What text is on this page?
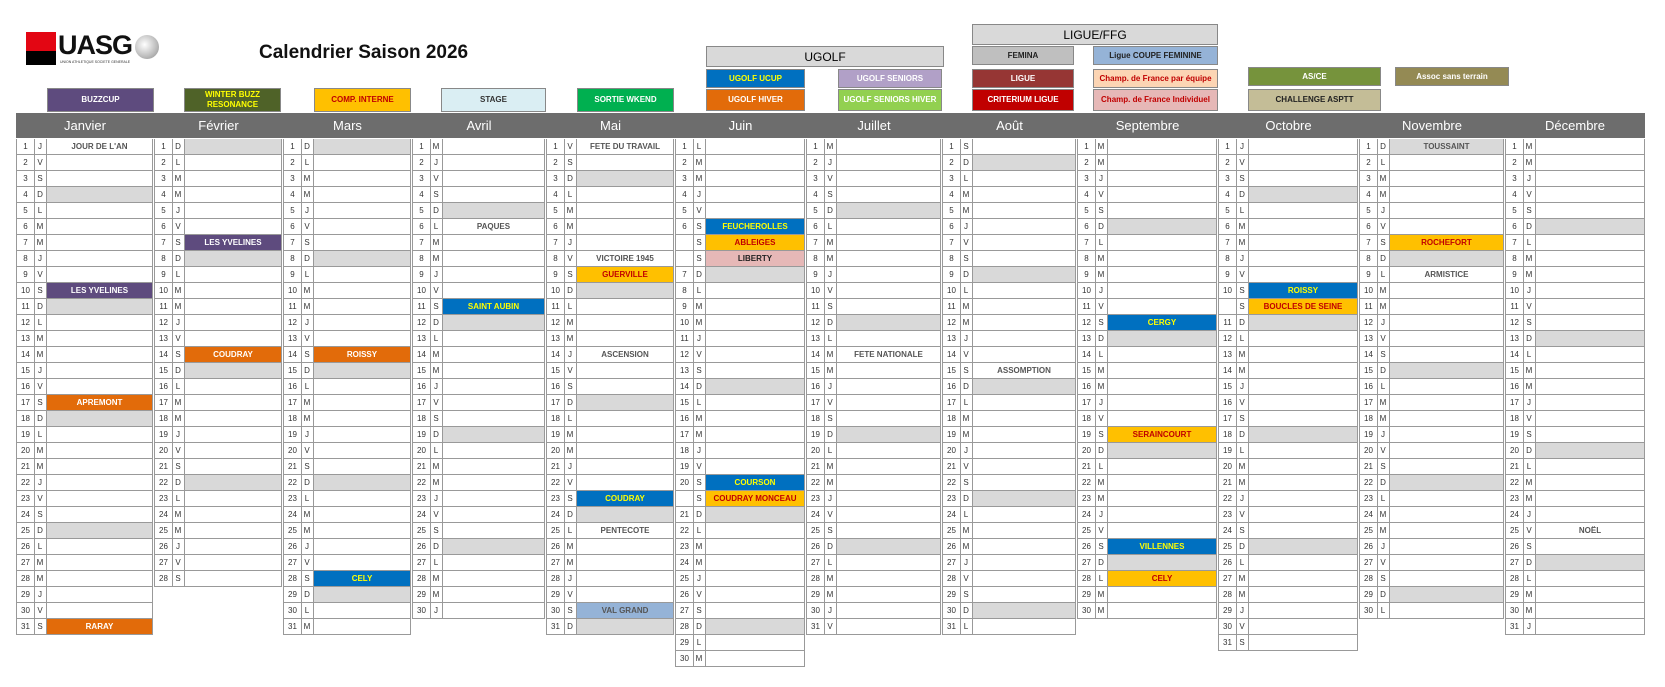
UASG
UNION ATHLETIQUE SOCIETE GENERALE	Calendrier Saison 2026	UGOLF
LIGUE/FFG
BUZZCUP
WINTER BUZZ RESONANCE
COMP. INTERNE	STAGE	SORTIE WKEND
UGOLF UCUP
UGOLF HIVER
UGOLF SENIORS
UGOLF SENIORS HIVER
FEMINA
LIGUE
CRITERIUM LIGUE
Ligue COUPE FEMININE
Champ. de France par équipe
Champ. de France Individuel
AS/CE
CHALLENGE ASPTT
Assoc sans terrain
Janvier
1	J	JOUR DE L'AN
2	V
3	S
4	D
5	L
6	M
7	M
8	J
9	V
10 S	LES YVELINES
11 D
12 L
13 M
14 M
15	J
16 V
17 S	APREMONT
18 D
19 L
20 M
21 M
22	J
23 V
24 S
25 D
26 L
27 M
28 M
29	J
30 V
31 S	RARAY
Février
1	D
2	L
3	M
4	M
5	J
6	V
7	S	LES YVELINES
8	D
9	L
10 M
11 M
12	J
13 V
14 S	COUDRAY
15 D
16 L
17 M
18 M
19	J
20 V
21 S
22 D
23 L
24 M
25 M
26	J
27 V
28 S
Mars
1	D
2	L
3	M
4	M
5	J
6	V
7	S
8	D
9	L
10 M
11 M
12	J
13 V
14 S	ROISSY
15 D
16 L
17 M
18 M
19	J
20 V
21 S
22 D
23 L
24 M
25 M
26	J
27 V
28 S	CELY
29 D
30 L
31 M
Avril
1	M
2	J
3	V
4	S
5	D
6	L	PAQUES
7	M
8	M
9	J
10 V
11 S	SAINT AUBIN
12 D
13 L
14 M
15 M
16	J
17 V
18 S
19 D
20 L
21 M
22 M
23	J
24 V
25 S
26 D
27 L
28 M
29 M
30	J
Mai
1	V	FETE DU TRAVAIL
2	S
3	D
4	L
5	M
6	M
7	J
8	V	VICTOIRE 1945
9	S	GUERVILLE
10 D
11	L
12 M
13 M
14	J	ASCENSION
15 V
16 S
17 D
18 L
19 M
20 M
21	J
22 V
23 S	COUDRAY
24 D
25 L	PENTECOTE
26 M
27 M
28	J
29 V
30 S	VAL GRAND
31 D
Juin
1	L
2	M
3	M
4	J
5	V
6	S	FEUCHEROLLES
S	ABLEIGES
S	LIBERTY
7	D
8	L
9	M
10 M
11	J
12 V
13 S
14 D
15 L
16 M
17 M
18	J
19 V
20 S	COURSON
S	COUDRAY MONCEAU
21 D
22 L
23 M
24 M
25	J
26 V
27 S
28 D
29 L
30 M
Juillet
1	M
2	J
3	V
4	S
5	D
6	L
7	M
8	M
9	J
10 V
11 S
12 D
13 L
14 M	FETE NATIONALE
15 M
16	J
17 V
18 S
19 D
20 L
21 M
22 M
23	J
24 V
25 S
26 D
27 L
28 M
29 M
30	J
31 V
Août
1	S
2	D
3	L
4	M
5	M
6	J
7	V
8	S
9	D
10 L
11 M
12 M
13	J
14 V
15 S	ASSOMPTION
16 D
17 L
18 M
19 M
20	J
21 V
22 S
23 D
24 L
25 M
26 M
27	J
28 V
29 S
30 D
31 L
Septembre
1	M
2	M
3	J
4	V
5	S
6	D
7	L
8	M
9	M
10	J
11 V
12 S	CERGY
13 D
14 L
15 M
16 M
17	J
18 V
19 S	SERAINCOURT
20 D
21 L
22 M
23 M
24	J
25 V
26 S	VILLENNES
27 D
28 L	CELY
29 M
30 M
Octobre
1	J
2	V
3	S
4	D
5	L
6	M
7	M
8	J
9	V
10 S	ROISSY
S	BOUCLES DE SEINE
11 D
12 L
13 M
14 M
15	J
16 V
17 S
18 D
19 L
20 M
21 M
22	J
23 V
24 S
25 D
26 L
27 M
28 M
29	J
30 V
31 S
Novembre
1	D	TOUSSAINT
2	L
3	M
4	M
5	J
6	V
7	S	ROCHEFORT
8	D
9	L	ARMISTICE
10 M
11 M
12	J
13 V
14 S
15 D
16 L
17 M
18 M
19	J
20 V
21 S
22 D
23 L
24 M
25 M
26	J
27 V
28 S
29 D
30 L
Décembre
1	M
2	M
3	J
4	V
5	S
6	D
7	L
8	M
9	M
10	J
11 V
12 S
13 D
14 L
15 M
16 M
17	J
18 V
19 S
20 D
21 L
22 M
23 M
24	J
25 V	NOËL
26 S
27 D
28 L
29 M
30 M
31	J
